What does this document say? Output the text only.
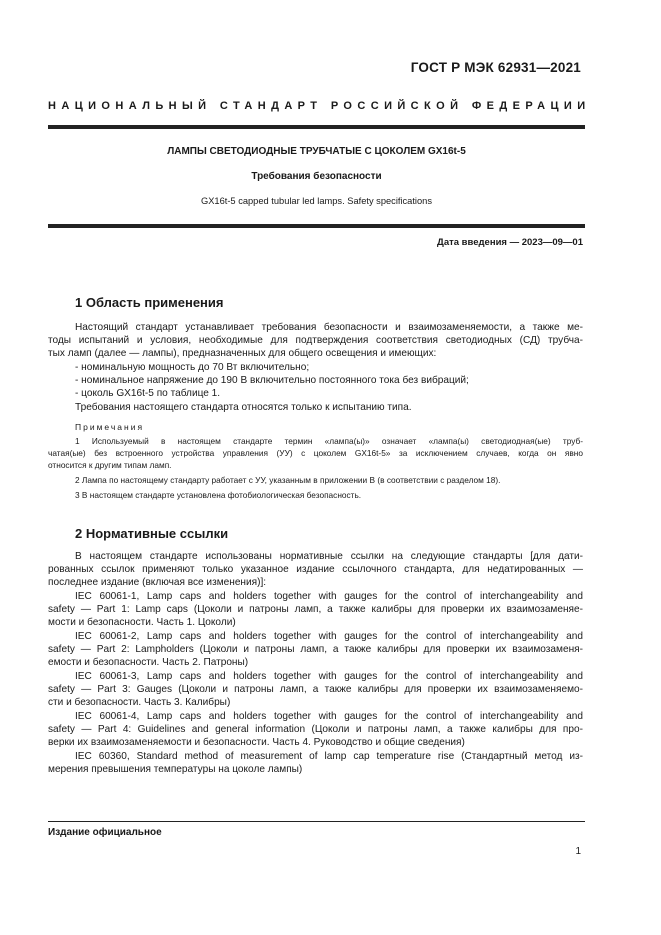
ГОСТ Р МЭК 62931—2021
НАЦИОНАЛЬНЫЙ СТАНДАРТ РОССИЙСКОЙ ФЕДЕРАЦИИ
ЛАМПЫ СВЕТОДИОДНЫЕ ТРУБЧАТЫЕ С ЦОКОЛЕМ GX16t-5
Требования безопасности
GX16t-5 capped tubular led lamps. Safety specifications
Дата введения — 2023—09—01
1 Область применения
Настоящий стандарт устанавливает требования безопасности и взаимозаменяемости, а также ме-
тоды испытаний и условия, необходимые для подтверждения соответствия светодиодных (СД) трубча-
тых ламп (далее — лампы), предназначенных для общего освещения и имеющих:
- номинальную мощность до 70 Вт включительно;
- номинальное напряжение до 190 В включительно постоянного тока без вибраций;
- цоколь GX16t-5 по таблице 1.
Требования настоящего стандарта относятся только к испытанию типа.
Примечания
1 Используемый в настоящем стандарте термин «лампа(ы)» означает «лампа(ы) светодиодная(ые) труб-
чатая(ые) без встроенного устройства управления (УУ) с цоколем GX16t-5» за исключением случаев, когда он явно
относится к другим типам ламп.
2 Лампа по настоящему стандарту работает с УУ, указанным в приложении В (в соответствии с разделом 18).
3 В настоящем стандарте установлена фотобиологическая безопасность.
2 Нормативные ссылки
В настоящем стандарте использованы нормативные ссылки на следующие стандарты [для дати-
рованных ссылок применяют только указанное издание ссылочного стандарта, для недатированных —
последнее издание (включая все изменения)]:
IEC 60061-1, Lamp caps and holders together with gauges for the control of interchangeability and
safety — Part 1: Lamp caps (Цоколи и патроны ламп, а также калибры для проверки их взаимозаменяе-
мости и безопасности. Часть 1. Цоколи)
IEC 60061-2, Lamp caps and holders together with gauges for the control of interchangeability and
safety — Part 2: Lampholders (Цоколи и патроны ламп, а также калибры для проверки их взаимозаменя-
емости и безопасности. Часть 2. Патроны)
IEC 60061-3, Lamp caps and holders together with gauges for the control of interchangeability and
safety — Part 3: Gauges (Цоколи и патроны ламп, а также калибры для проверки их взаимозаменяемо-
сти и безопасности. Часть 3. Калибры)
IEC 60061-4, Lamp caps and holders together with gauges for the control of interchangeability and
safety — Part 4: Guidelines and general information (Цоколи и патроны ламп, а также калибры для про-
верки их взаимозаменяемости и безопасности. Часть 4. Руководство и общие сведения)
IEC 60360, Standard method of measurement of lamp cap temperature rise (Стандартный метод из-
мерения превышения температуры на цоколе лампы)
Издание официальное
1
